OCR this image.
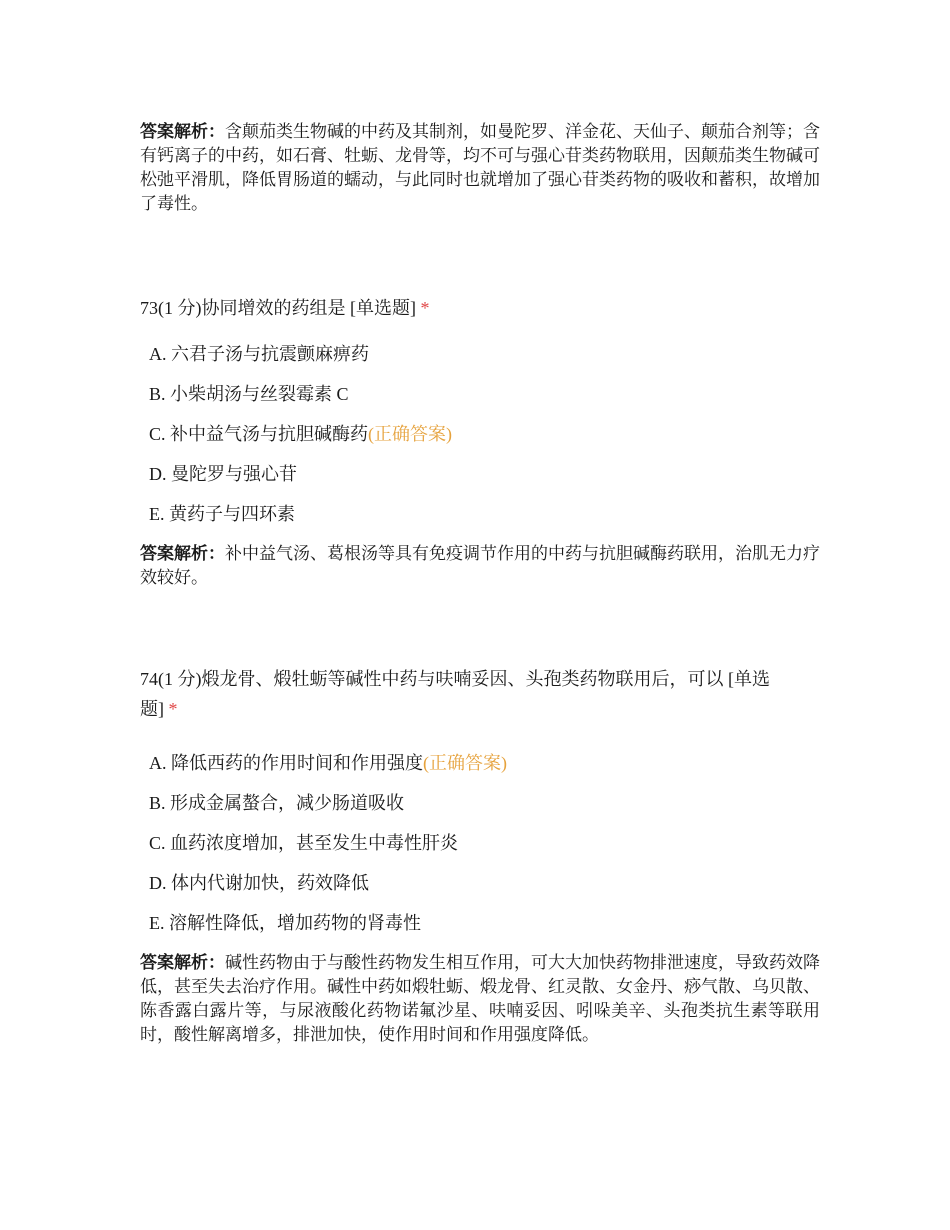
答案解析：含颠茄类生物碱的中药及其制剂，如曼陀罗、洋金花、天仙子、颠茄合剂等；含有钙离子的中药，如石膏、牡蛎、龙骨等，均不可与强心苷类药物联用，因颠茄类生物碱可松弛平滑肌，降低胃肠道的蠕动，与此同时也就增加了强心苷类药物的吸收和蓄积，故增加了毒性。

73(1 分)协同增效的药组是 [单选题] *

A. 六君子汤与抗震颤麻痹药

B. 小柴胡汤与丝裂霉素 C

C. 补中益气汤与抗胆碱酶药(正确答案)

D. 曼陀罗与强心苷

E. 黄药子与四环素

答案解析：补中益气汤、葛根汤等具有免疫调节作用的中药与抗胆碱酶药联用，治肌无力疗效较好。

74(1 分)煅龙骨、煅牡蛎等碱性中药与呋喃妥因、头孢类药物联用后，可以 [单选
题] *

A. 降低西药的作用时间和作用强度(正确答案)

B. 形成金属螯合，减少肠道吸收

C. 血药浓度增加，甚至发生中毒性肝炎

D. 体内代谢加快，药效降低

E. 溶解性降低，增加药物的肾毒性

答案解析：碱性药物由于与酸性药物发生相互作用，可大大加快药物排泄速度，导致药效降低，甚至失去治疗作用。碱性中药如煅牡蛎、煅龙骨、红灵散、女金丹、痧气散、乌贝散、陈香露白露片等，与尿液酸化药物诺氟沙星、呋喃妥因、吲哚美辛、头孢类抗生素等联用时，酸性解离增多，排泄加快，使作用时间和作用强度降低。
